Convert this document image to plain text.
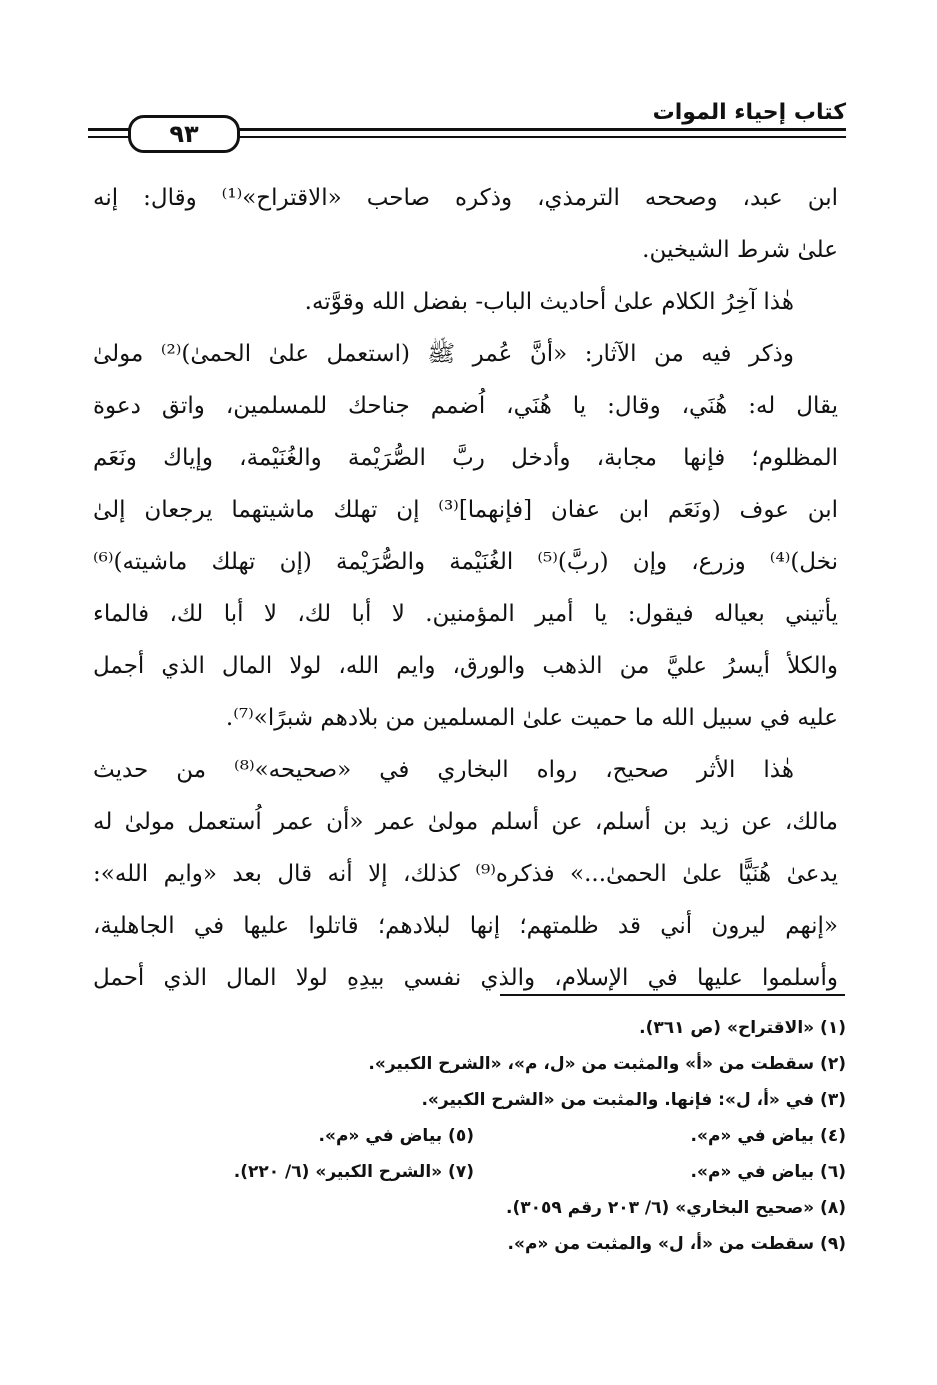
كتاب إحياء الموات
٩٣
ابن عبد، وصححه الترمذي، وذكره صاحب «الاقتراح»⁽¹⁾ وقال: إنه
علىٰ شرط الشيخين.
هٰذا آخِرُ الكلام علىٰ أحاديث الباب- بفضل الله وقوَّته.
وذكر فيه من الآثار: «أنَّ عُمر ﷺ (استعمل علىٰ الحمىٰ)⁽²⁾ مولىٰ
يقال له: هُنَي، وقال: يا هُنَي، اُضمم جناحك للمسلمين، واتق دعوة
المظلوم؛ فإنها مجابة، وأدخل ربَّ الصُّرَيْمة والغُنَيْمة، وإياك ونَعَم
ابن عوف (ونَعَم ابن عفان [فإنهما]⁽³⁾ إن تهلك ماشيتهما يرجعان إلىٰ
نخل)⁽⁴⁾ وزرع، وإن (ربَّ)⁽⁵⁾ الغُنَيْمة والصُّرَيْمة (إن تهلك ماشيته)⁽⁶⁾
يأتيني بعياله فيقول: يا أمير المؤمنين. لا أبا لك، لا أبا لك، فالماء
والكلأ أيسرُ عليَّ من الذهب والورق، وايم الله، لولا المال الذي أجمل
عليه في سبيل الله ما حميت علىٰ المسلمين من بلادهم شبرًا»⁽⁷⁾.
هٰذا الأثر صحيح، رواه البخاري في «صحيحه»⁽⁸⁾ من حديث
مالك، عن زيد بن أسلم، عن أسلم مولىٰ عمر «أن عمر اُستعمل مولىٰ له
يدعىٰ هُنَيًّا علىٰ الحمىٰ...» فذكره⁽⁹⁾ كذلك، إلا أنه قال بعد «وايم الله»:
«إنهم ليرون أني قد ظلمتهم؛ إنها لبلادهم؛ قاتلوا عليها في الجاهلية،
وأسلموا عليها في الإسلام، والذي نفسي بيدِهِ لولا المال الذي أحمل
(١) «الاقتراح» (ص ٣٦١).
(٢) سقطت من «أ» والمثبت من «ل، م»، «الشرح الكبير».
(٣) في «أ، ل»: فإنها. والمثبت من «الشرح الكبير».
(٤) بياض في «م».
(٥) بياض في «م».
(٦) بياض في «م».
(٧) «الشرح الكبير» (٦/ ٢٢٠).
(٨) «صحيح البخاري» (٦/ ٢٠٣ رقم ٣٠٥٩).
(٩) سقطت من «أ، ل» والمثبت من «م».
